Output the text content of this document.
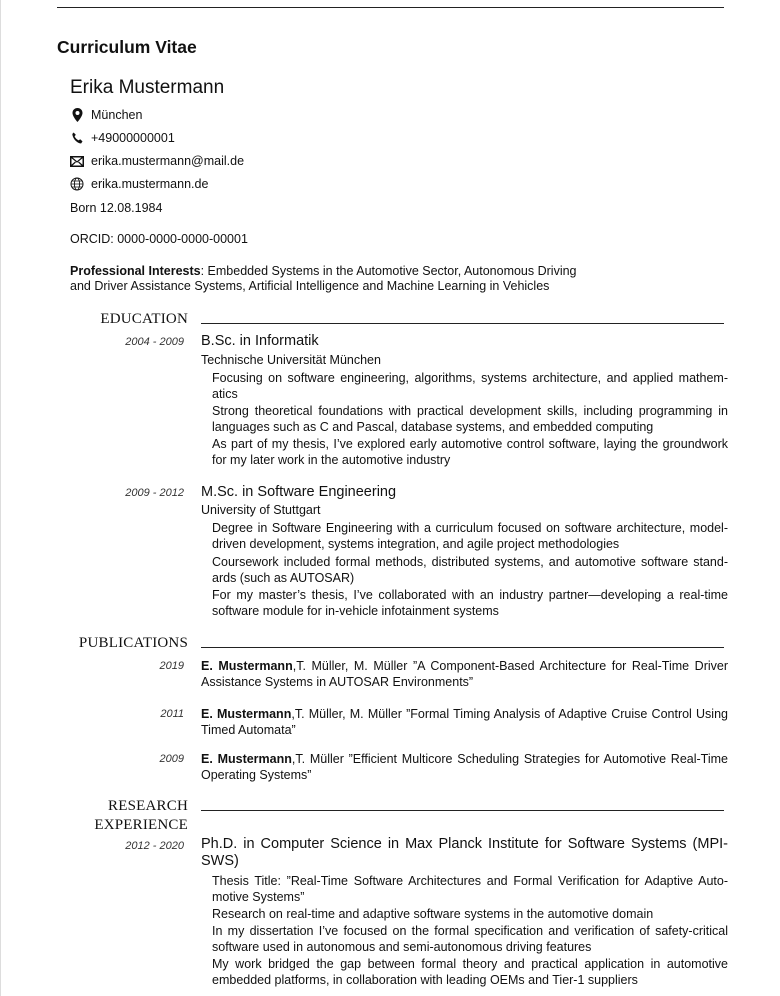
Curriculum Vitae
Erika Mustermann
München
+49000000001
erika.mustermann@mail.de
erika.mustermann.de
Born 12.08.1984
ORCID: 0000-0000-0000-00001
Professional Interests: Embedded Systems in the Automotive Sector, Autonomous Driving
and Driver Assistance Systems, Artificial Intelligence and Machine Learning in Vehicles
EDUCATION
2004 - 2009 B.Sc. in Informatik
Technische Universität München
Focusing on software engineering, algorithms, systems architecture, and applied mathem- atics
Strong theoretical foundations with practical development skills, including programming in languages such as C and Pascal, database systems, and embedded computing
As part of my thesis, I’ve explored early automotive control software, laying the groundwork for my later work in the automotive industry
2009 - 2012 M.Sc. in Software Engineering
University of Stuttgart
Degree in Software Engineering with a curriculum focused on software architecture, model- driven development, systems integration, and agile project methodologies
Coursework included formal methods, distributed systems, and automotive software stand- ards (such as AUTOSAR)
For my master’s thesis, I’ve collaborated with an industry partner—developing a real-time software module for in-vehicle infotainment systems
PUBLICATIONS
2019 E. Mustermann,T. Müller, M. Müller ”A Component-Based Architecture for Real-Time Driver Assistance Systems in AUTOSAR Environments”
2011 E. Mustermann,T. Müller, M. Müller ”Formal Timing Analysis of Adaptive Cruise Control Using Timed Automata”
2009 E. Mustermann,T. Müller ”Efficient Multicore Scheduling Strategies for Automotive Real-Time Operating Systems”
RESEARCH
EXPERIENCE
2012 - 2020 Ph.D. in Computer Science in Max Planck Institute for Software Systems (MPI-SWS)
Thesis Title: ”Real-Time Software Architectures and Formal Verification for Adaptive Auto- motive Systems”
Research on real-time and adaptive software systems in the automotive domain
In my dissertation I’ve focused on the formal specification and verification of safety-critical software used in autonomous and semi-autonomous driving features
My work bridged the gap between formal theory and practical application in automotive embedded platforms, in collaboration with leading OEMs and Tier-1 suppliers
